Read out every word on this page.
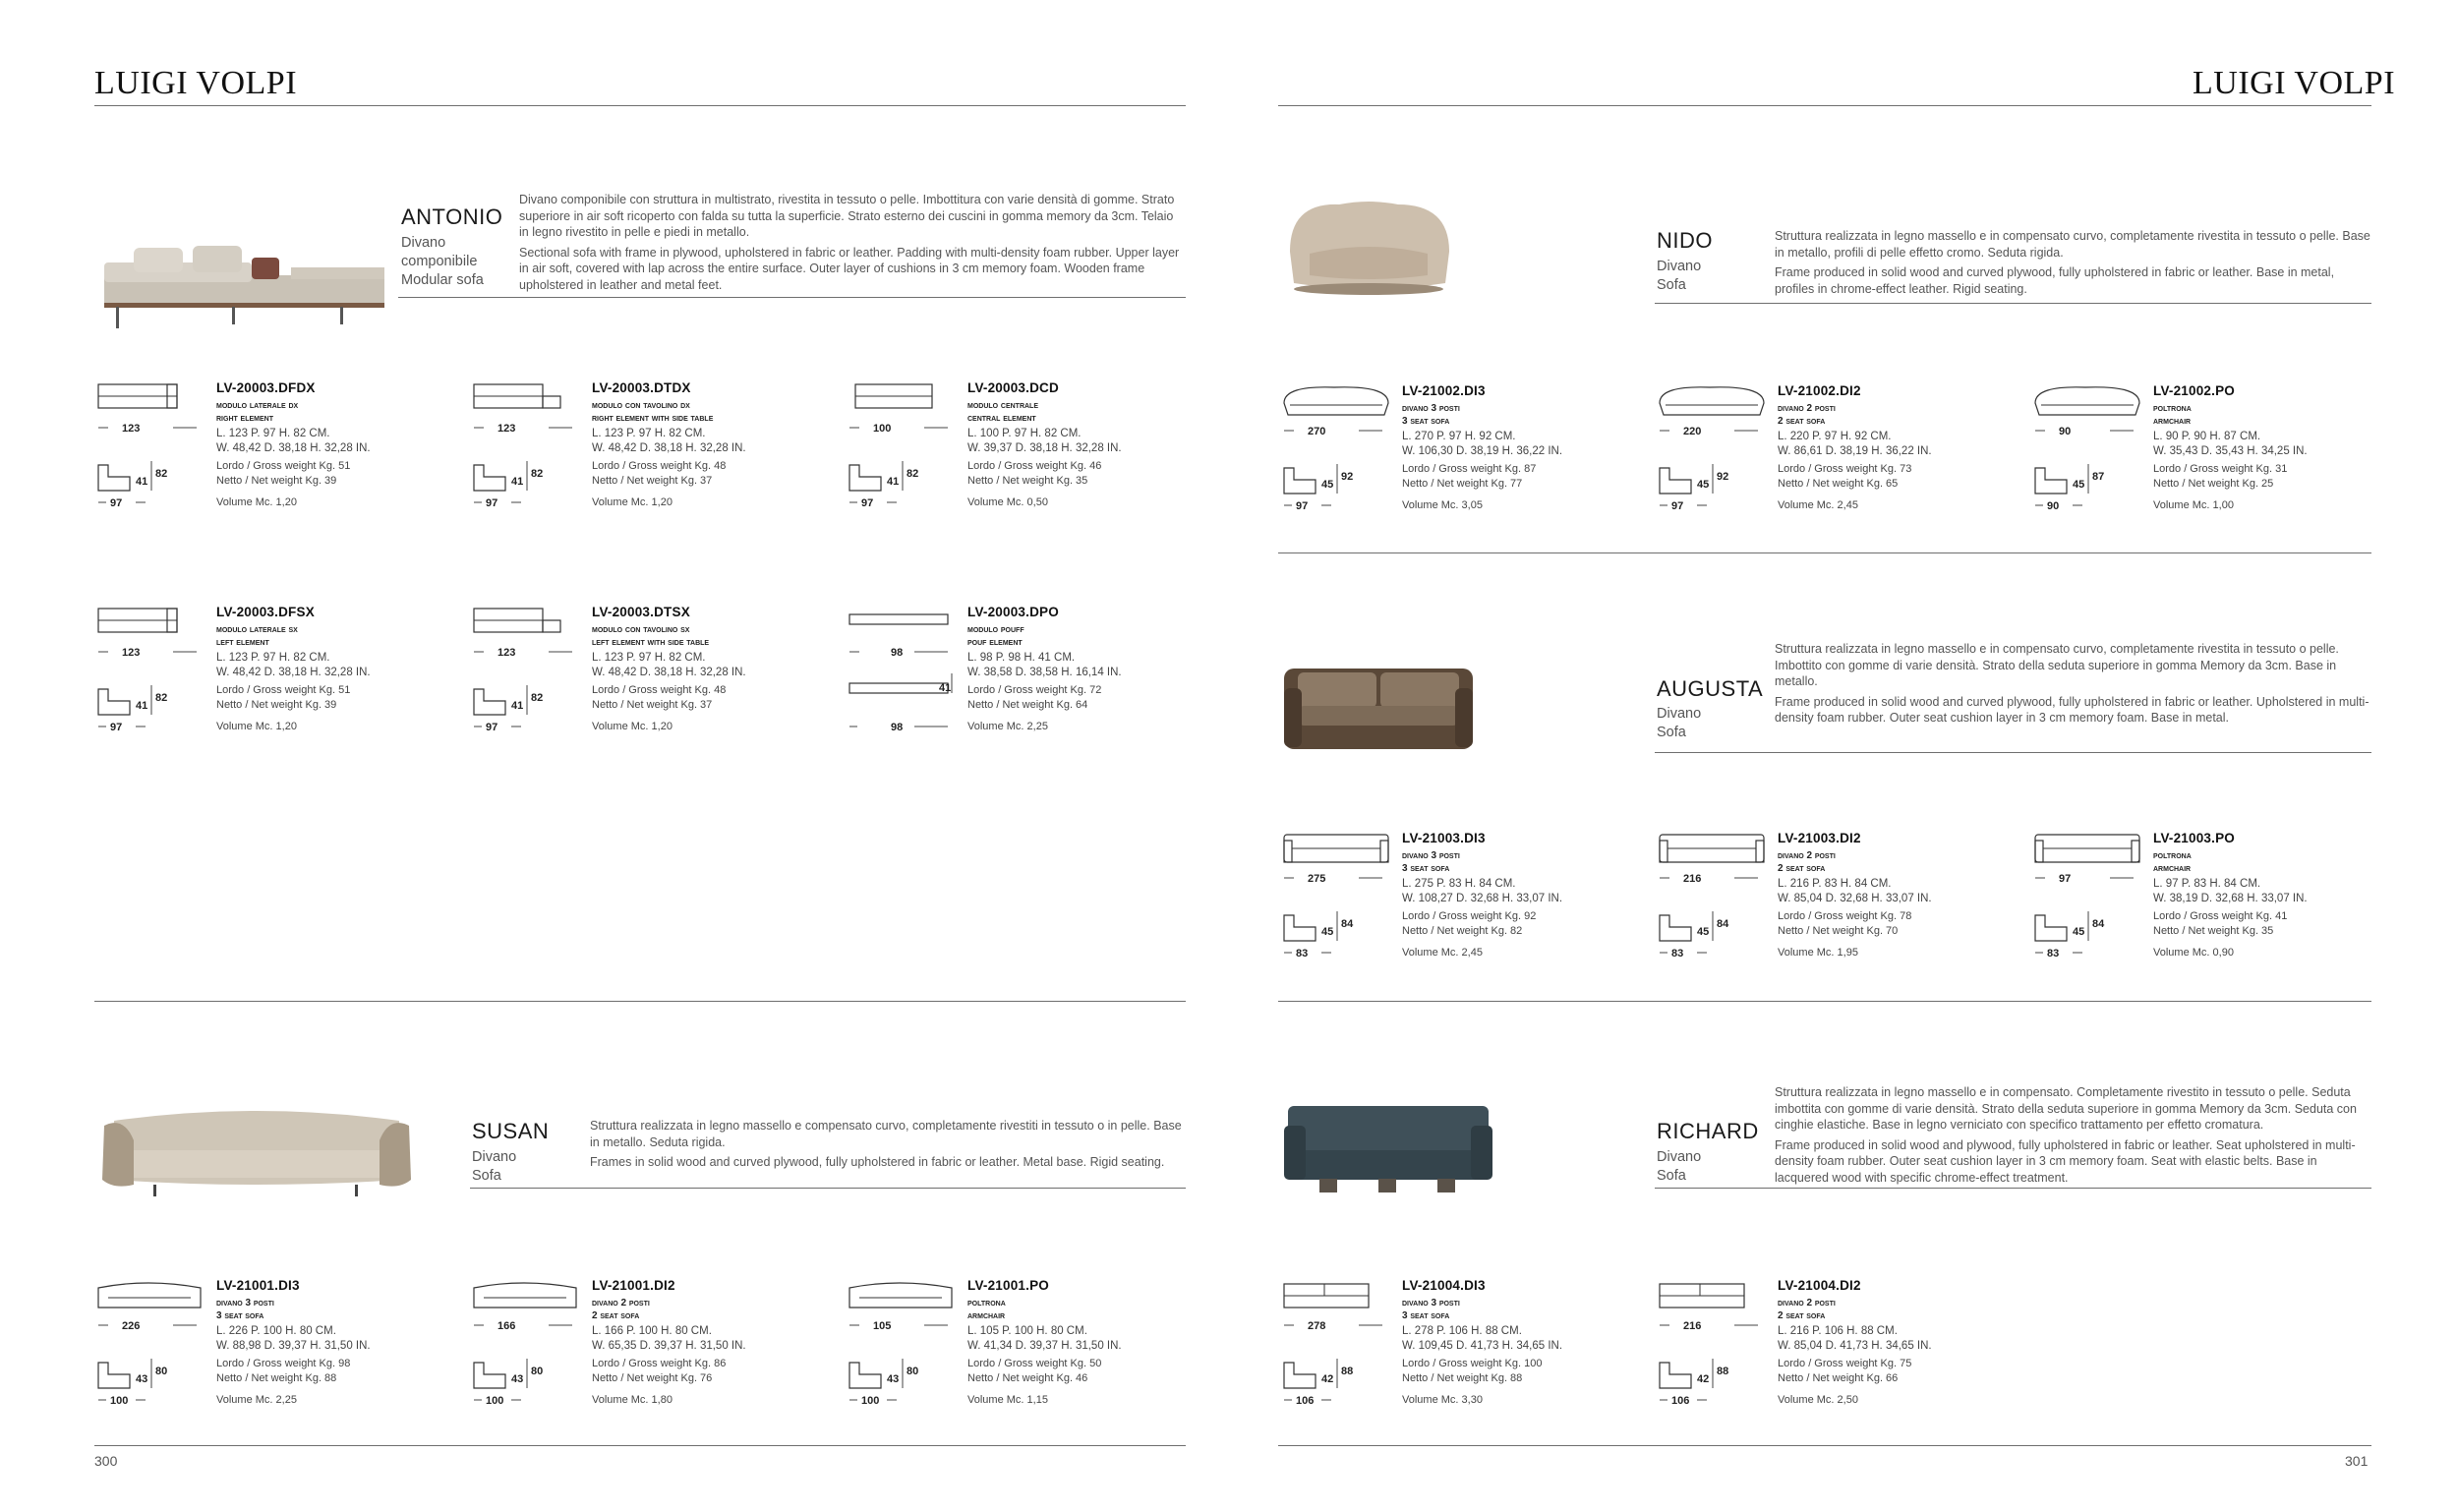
LUIGI VOLPI
ANTONIO
Divano
componibile
Modular sofa

Divano componibile con struttura in multistrato, rivestita in tessuto o pelle. Imbottitura con varie densità di gomme. Strato superiore in air soft ricoperto con falda su tutta la superficie. Strato esterno dei cuscini in gomma memory da 3cm. Telaio in legno rivestito in pelle e piedi in metallo.

Sectional sofa with frame in plywood, upholstered in fabric or leather. Padding with multi-density foam rubber. Upper layer in air soft, covered with lap across the entire surface. Outer layer of cushions in 3 cm memory foam. Wooden frame upholstered in leather and metal feet.

SUSAN
Divano
Sofa

Struttura realizzata in legno massello e compensato curvo, completamente rivestiti in tessuto o in pelle. Base in metallo. Seduta rigida.

Frames in solid wood and curved plywood, fully upholstered in fabric or leather. Metal base. Rigid seating.

300
LUIGI VOLPI
NIDO
Divano
Sofa

Struttura realizzata in legno massello e in compensato curvo, completamente rivestita in tessuto o pelle. Base in metallo, profili di pelle effetto cromo. Seduta rigida.

Frame produced in solid wood and curved plywood, fully upholstered in fabric or leather. Base in metal, profiles in chrome-effect leather. Rigid seating.

AUGUSTA
Divano
Sofa

Struttura realizzata in legno massello e in compensato curvo, completamente rivestita in tessuto o pelle. Imbottito con gomme di varie densità. Strato della seduta superiore in gomma Memory da 3cm. Base in metallo.

Frame produced in solid wood and curved plywood, fully upholstered in fabric or leather. Upholstered in multi-density foam rubber. Outer seat cushion layer in 3 cm memory foam. Base in metal.

RICHARD
Divano
Sofa

Struttura realizzata in legno massello e in compensato. Completamente rivestito in tessuto o pelle. Seduta imbottita con gomme di varie densità. Strato della seduta superiore in gomma Memory da 3cm. Seduta con cinghie elastiche. Base in legno verniciato con specifico trattamento per effetto cromatura.

Frame produced in solid wood and plywood, fully upholstered in fabric or leather. Seat upholstered in multi-density foam rubber. Outer seat cushion layer in 3 cm memory foam. Seat with elastic belts. Base in lacquered wood with specific chrome-effect treatment.

301
123
97
82
41
LV-20003.DFDX
modulo laterale dx
right element
L. 123 P. 97 H. 82 CM.
W. 48,42 D. 38,18 H. 32,28 IN.
Lordo / Gross weight Kg. 51
Netto / Net weight Kg. 39
Volume Mc. 1,20
123
97
82
41
LV-20003.DTDX
modulo con tavolino dx
right element with side table
L. 123 P. 97 H. 82 CM.
W. 48,42 D. 38,18 H. 32,28 IN.
Lordo / Gross weight Kg. 48
Netto / Net weight Kg. 37
Volume Mc. 1,20
100
97
82
41
LV-20003.DCD
modulo centrale
central element
L. 100 P. 97 H. 82 CM.
W. 39,37 D. 38,18 H. 32,28 IN.
Lordo / Gross weight Kg. 46
Netto / Net weight Kg. 35
Volume Mc. 0,50
123
97
82
41
LV-20003.DFSX
modulo laterale sx
left element
L. 123 P. 97 H. 82 CM.
W. 48,42 D. 38,18 H. 32,28 IN.
Lordo / Gross weight Kg. 51
Netto / Net weight Kg. 39
Volume Mc. 1,20
123
97
82
41
LV-20003.DTSX
modulo con tavolino sx
left element with side table
L. 123 P. 97 H. 82 CM.
W. 48,42 D. 38,18 H. 32,28 IN.
Lordo / Gross weight Kg. 48
Netto / Net weight Kg. 37
Volume Mc. 1,20
98
98
41
LV-20003.DPO
modulo pouff
pouf element
L. 98 P. 98 H. 41 CM.
W. 38,58 D. 38,58 H. 16,14 IN.
Lordo / Gross weight Kg. 72
Netto / Net weight Kg. 64
Volume Mc. 2,25
226
100
80
43
LV-21001.DI3
divano 3 posti
3 seat sofa
L. 226 P. 100 H. 80 CM.
W. 88,98 D. 39,37 H. 31,50 IN.
Lordo / Gross weight Kg. 98
Netto / Net weight Kg. 88
Volume Mc. 2,25
166
100
80
43
LV-21001.DI2
divano 2 posti
2 seat sofa
L. 166 P. 100 H. 80 CM.
W. 65,35 D. 39,37 H. 31,50 IN.
Lordo / Gross weight Kg. 86
Netto / Net weight Kg. 76
Volume Mc. 1,80
105
100
80
43
LV-21001.PO
poltrona
armchair
L. 105 P. 100 H. 80 CM.
W. 41,34 D. 39,37 H. 31,50 IN.
Lordo / Gross weight Kg. 50
Netto / Net weight Kg. 46
Volume Mc. 1,15
270
97
92
45
LV-21002.DI3
divano 3 posti
3 seat sofa
L. 270 P. 97 H. 92 CM.
W. 106,30 D. 38,19 H. 36,22 IN.
Lordo / Gross weight Kg. 87
Netto / Net weight Kg. 77
Volume Mc. 3,05
220
97
92
45
LV-21002.DI2
divano 2 posti
2 seat sofa
L. 220 P. 97 H. 92 CM.
W. 86,61 D. 38,19 H. 36,22 IN.
Lordo / Gross weight Kg. 73
Netto / Net weight Kg. 65
Volume Mc. 2,45
90
90
87
45
LV-21002.PO
poltrona
armchair
L. 90 P. 90 H. 87 CM.
W. 35,43 D. 35,43 H. 34,25 IN.
Lordo / Gross weight Kg. 31
Netto / Net weight Kg. 25
Volume Mc. 1,00
275
83
84
45
LV-21003.DI3
divano 3 posti
3 seat sofa
L. 275 P. 83 H. 84 CM.
W. 108,27 D. 32,68 H. 33,07 IN.
Lordo / Gross weight Kg. 92
Netto / Net weight Kg. 82
Volume Mc. 2,45
216
83
84
45
LV-21003.DI2
divano 2 posti
2 seat sofa
L. 216 P. 83 H. 84 CM.
W. 85,04 D. 32,68 H. 33,07 IN.
Lordo / Gross weight Kg. 78
Netto / Net weight Kg. 70
Volume Mc. 1,95
97
83
84
45
LV-21003.PO
poltrona
armchair
L. 97 P. 83 H. 84 CM.
W. 38,19 D. 32,68 H. 33,07 IN.
Lordo / Gross weight Kg. 41
Netto / Net weight Kg. 35
Volume Mc. 0,90
278
106
88
42
LV-21004.DI3
divano 3 posti
3 seat sofa
L. 278 P. 106 H. 88 CM.
W. 109,45 D. 41,73 H. 34,65 IN.
Lordo / Gross weight Kg. 100
Netto / Net weight Kg. 88
Volume Mc. 3,30
216
106
88
42
LV-21004.DI2
divano 2 posti
2 seat sofa
L. 216 P. 106 H. 88 CM.
W. 85,04 D. 41,73 H. 34,65 IN.
Lordo / Gross weight Kg. 75
Netto / Net weight Kg. 66
Volume Mc. 2,50
